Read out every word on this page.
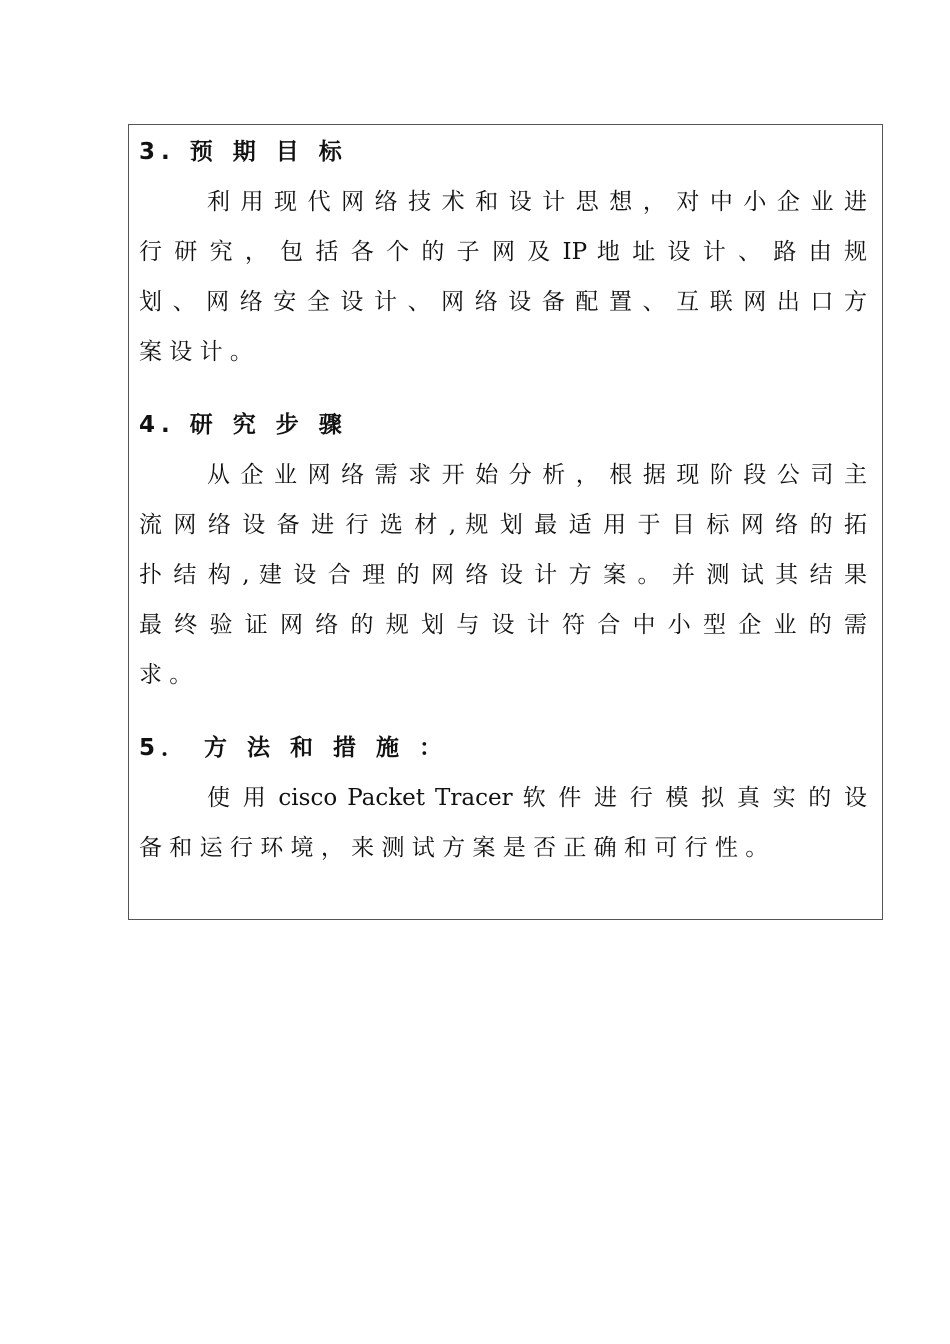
3. 预 期 目 标
利 用 现 代 网 络 技 术 和 设 计 思 想 ， 对 中 小 企 业 进
行 研 究 ， 包 括 各 个 的 子 网 及 IP 地 址 设 计 、 路 由 规
划 、 网 络 安 全 设 计 、 网 络 设 备 配 置 、 互 联 网 出 口 方
案 设 计 。
4. 研 究 步 骤
从 企 业 网 络 需 求 开 始 分 析 ， 根 据 现 阶 段 公 司 主
流 网 络 设 备 进 行 选 材 , 规 划 最 适 用 于 目 标 网 络 的 拓
扑 结 构 , 建 设 合 理 的 网 络 设 计 方 案 。 并 测 试 其 结 果
最 终 验 证 网 络 的 规 划 与 设 计 符 合 中 小 型 企 业 的 需
求 。
5． 方 法 和 措 施 ：
使 用 cisco Packet Tracer 软 件 进 行 模 拟 真 实 的 设
备 和 运 行 环 境 ， 来 测 试 方 案 是 否 正 确 和 可 行 性 。
